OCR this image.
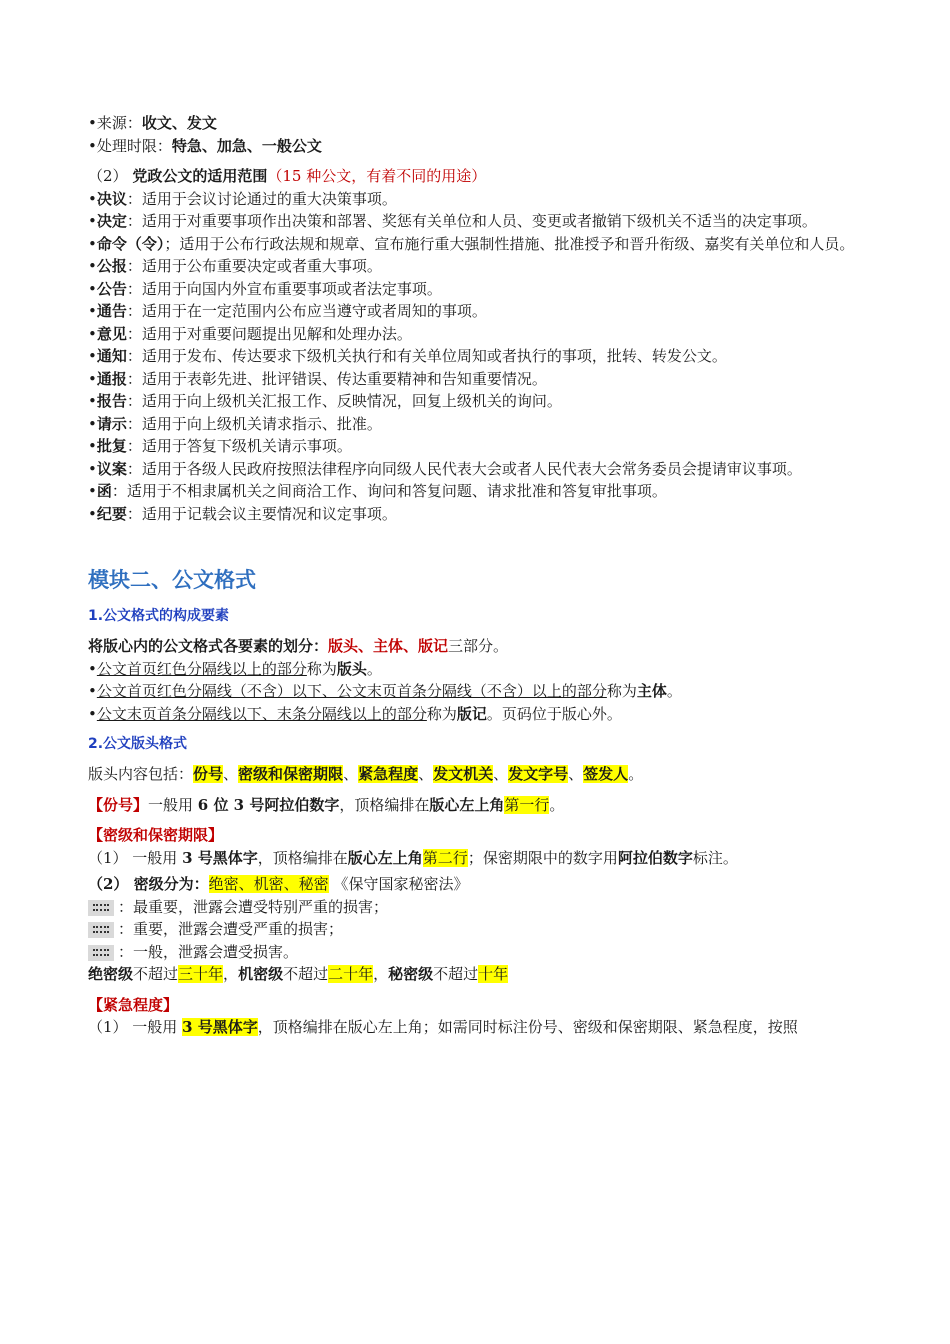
•来源：收文、发文
•处理时限：特急、加急、一般公文
（2） 党政公文的适用范围（15 种公文，有着不同的用途）
•决议：适用于会议讨论通过的重大决策事项。
•决定：适用于对重要事项作出决策和部署、奖惩有关单位和人员、变更或者撤销下级机关不适当的决定事项。
•命令（令）；适用于公布行政法规和规章、宣布施行重大强制性措施、批准授予和晋升衔级、嘉奖有关单位和人员。
•公报：适用于公布重要决定或者重大事项。
•公告：适用于向国内外宣布重要事项或者法定事项。
•通告：适用于在一定范围内公布应当遵守或者周知的事项。
•意见：适用于对重要问题提出见解和处理办法。
•通知：适用于发布、传达要求下级机关执行和有关单位周知或者执行的事项，批转、转发公文。
•通报：适用于表彰先进、批评错误、传达重要精神和告知重要情况。
•报告：适用于向上级机关汇报工作、反映情况，回复上级机关的询问。
•请示：适用于向上级机关请求指示、批准。
•批复：适用于答复下级机关请示事项。
•议案：适用于各级人民政府按照法律程序向同级人民代表大会或者人民代表大会常务委员会提请审议事项。
•函：适用于不相隶属机关之间商洽工作、询问和答复问题、请求批准和答复审批事项。
•纪要：适用于记载会议主要情况和议定事项。
模块二、公文格式
1.公文格式的构成要素
将版心内的公文格式各要素的划分：版头、主体、版记三部分。
•公文首页红色分隔线以上的部分称为版头。
•公文首页红色分隔线（不含）以下、公文末页首条分隔线（不含）以上的部分称为主体。
•公文末页首条分隔线以下、末条分隔线以上的部分称为版记。页码位于版心外。
2.公文版头格式
版头内容包括：份号、密级和保密期限、紧急程度、发文机关、发文字号、签发人。
【份号】一般用 6 位 3 号阿拉伯数字，顶格编排在版心左上角第一行。
【密级和保密期限】
（1） 一般用 3 号黑体字，顶格编排在版心左上角第二行；保密期限中的数字用阿拉伯数字标注。
（2） 密级分为：绝密、机密、秘密 《保守国家秘密法》
：最重要，泄露会遭受特别严重的损害；
：重要，泄露会遭受严重的损害；
：一般，泄露会遭受损害。
绝密级不超过三十年，机密级不超过二十年，秘密级不超过十年
【紧急程度】
（1） 一般用 3 号黑体字，顶格编排在版心左上角；如需同时标注份号、密级和保密期限、紧急程度，按照
